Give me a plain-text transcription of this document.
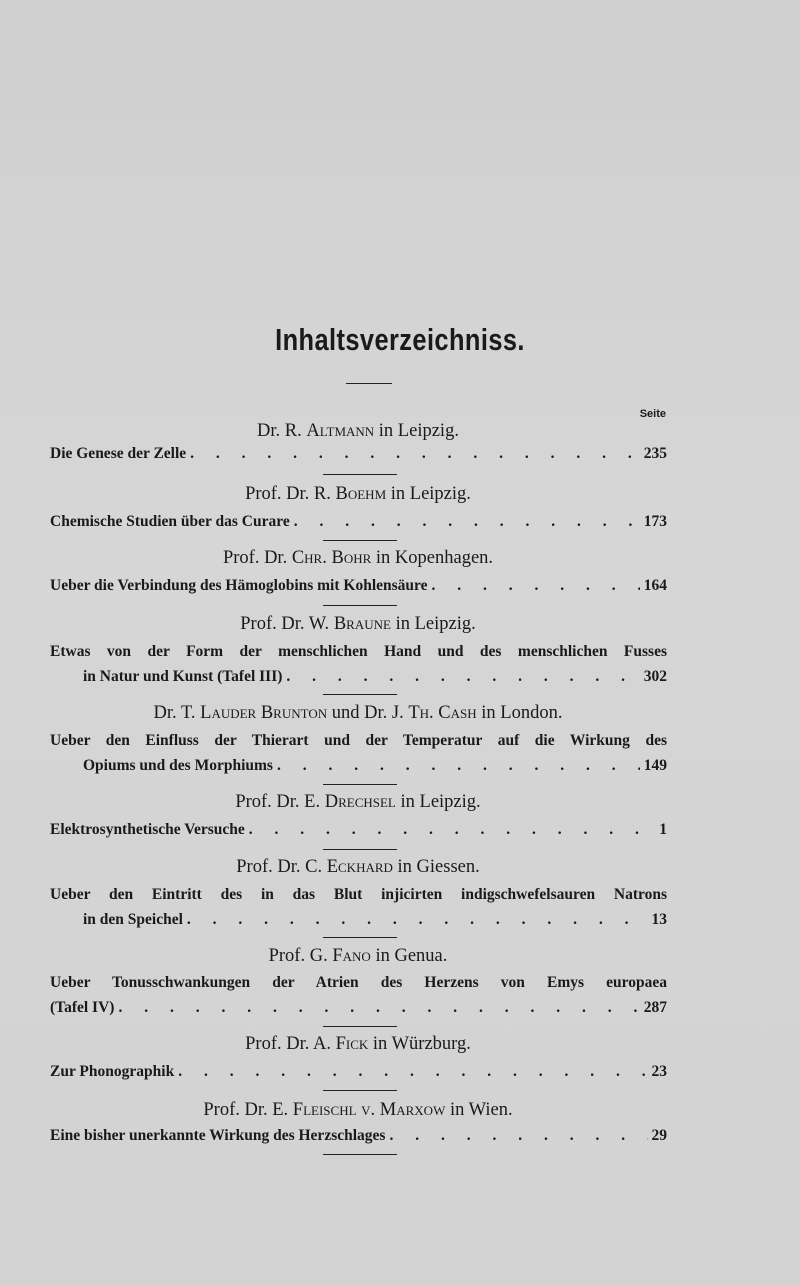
Inhaltsverzeichniss.
Seite
Dr. R. Altmann in Leipzig.
Die Genese der Zelle . . .	235
Prof. Dr. R. Boehm in Leipzig.
Chemische Studien über das Curare . . .	173
Prof. Dr. Chr. Bohr in Kopenhagen.
Ueber die Verbindung des Hämoglobins mit Kohlensäure . . .	164
Prof. Dr. W. Braune in Leipzig.
Etwas von der Form der menschlichen Hand und des menschlichen Fusses
in Natur und Kunst (Tafel III) . . .	302
Dr. T. Lauder Brunton und Dr. J. Th. Cash in London.
Ueber den Einfluss der Thierart und der Temperatur auf die Wirkung des
Opiums und des Morphiums . . .	149
Prof. Dr. E. Drechsel in Leipzig.
Elektrosynthetische Versuche . . .	1
Prof. Dr. C. Eckhard in Giessen.
Ueber den Eintritt des in das Blut injicirten indigschwefelsauren Natrons
in den Speichel . . .	13
Prof. G. Fano in Genua.
Ueber Tonusschwankungen der Atrien des Herzens von Emys europaea
(Tafel IV) . . .	287
Prof. Dr. A. Fick in Würzburg.
Zur Phonographik . . .	23
Prof. Dr. E. Fleischl v. Marxow in Wien.
Eine bisher unerkannte Wirkung des Herzschlages . . .	29
